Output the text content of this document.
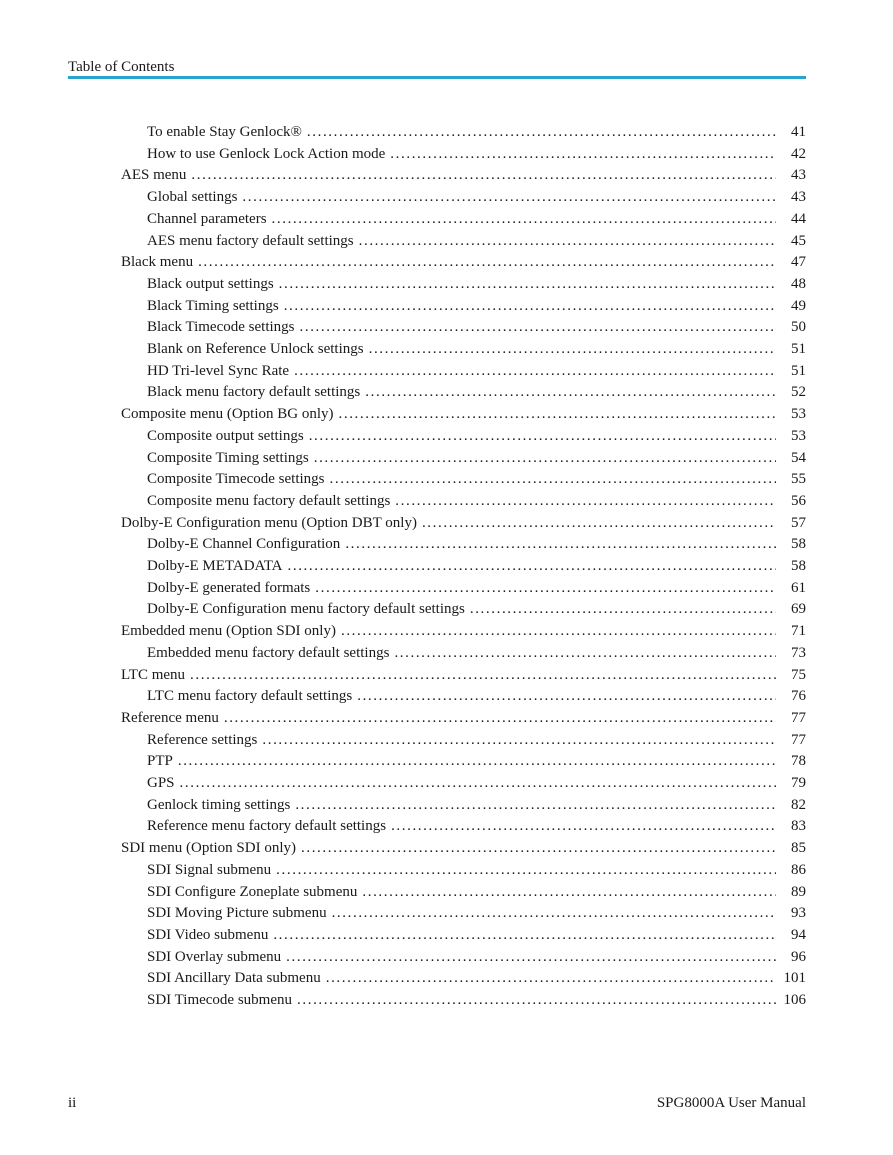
Table of Contents
To enable Stay Genlock® .....	41
How to use Genlock Lock Action mode .....	42
AES menu .....	43
Global settings .....	43
Channel parameters .....	44
AES menu factory default settings .....	45
Black menu .....	47
Black output settings .....	48
Black Timing settings .....	49
Black Timecode settings .....	50
Blank on Reference Unlock settings .....	51
HD Tri-level Sync Rate .....	51
Black menu factory default settings .....	52
Composite menu (Option BG only) .....	53
Composite output settings .....	53
Composite Timing settings .....	54
Composite Timecode settings .....	55
Composite menu factory default settings .....	56
Dolby-E Configuration menu (Option DBT only) .....	57
Dolby-E Channel Configuration .....	58
Dolby-E METADATA .....	58
Dolby-E generated formats .....	61
Dolby-E Configuration menu factory default settings .....	69
Embedded menu (Option SDI only) .....	71
Embedded menu factory default settings .....	73
LTC menu .....	75
LTC menu factory default settings .....	76
Reference menu .....	77
Reference settings .....	77
PTP .....	78
GPS .....	79
Genlock timing settings .....	82
Reference menu factory default settings .....	83
SDI menu (Option SDI only) .....	85
SDI Signal submenu .....	86
SDI Configure Zoneplate submenu .....	89
SDI Moving Picture submenu .....	93
SDI Video submenu .....	94
SDI Overlay submenu .....	96
SDI Ancillary Data submenu .....	101
SDI Timecode submenu .....	106
ii	SPG8000A User Manual
